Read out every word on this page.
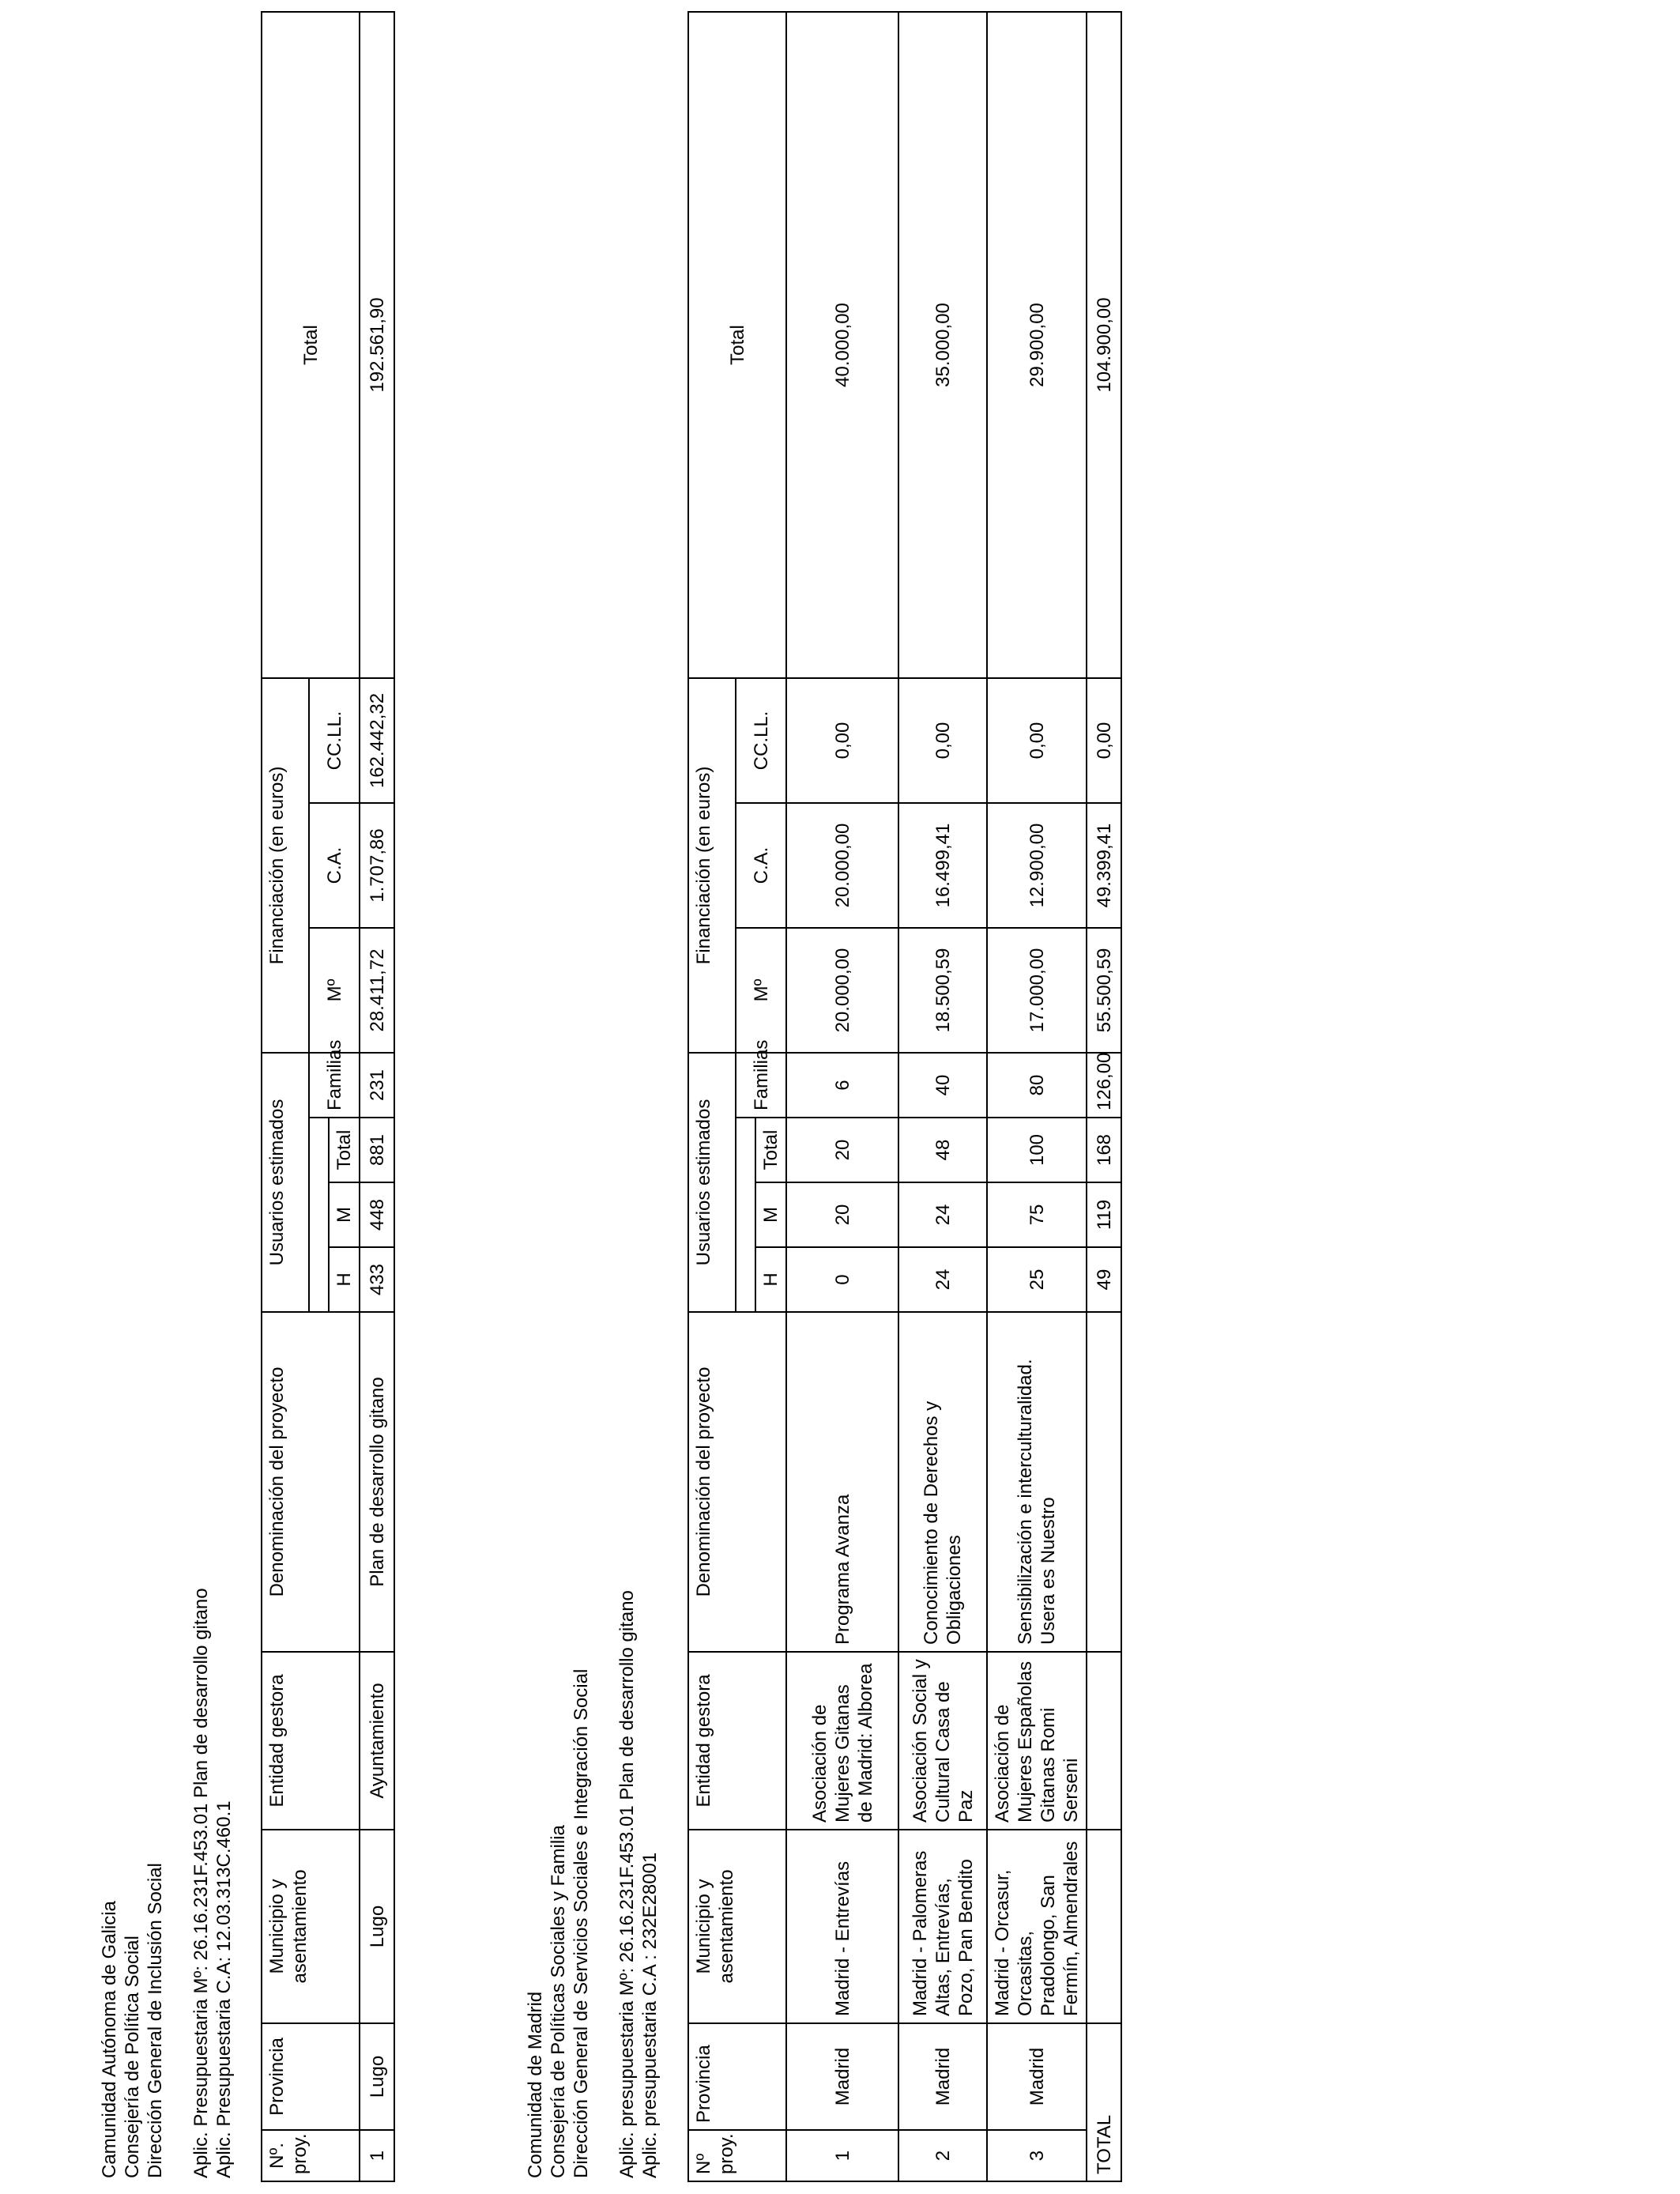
Camunidad Autónoma de Galicia Consejería de Política Social Dirección General de Inclusión Social Aplic. Presupuestaria Mº: 26.16.231F.453.01 Plan de desarrollo gitano Aplic. Presupuestaria C.A: 12.03.313C.460.1 Nº. proy.	Provincia	Municipio y asentamiento	Entidad gestora	Denominación del proyecto	Usuarios estimados				Financiación (en euros)			Total
								Familias	Mº	C.A.	CC.LL.	
					H	M	Total					
1	Lugo	Lugo	Ayuntamiento	Plan de desarrollo gitano	433	448	881	231	28.411,72	1.707,86	162.442,32	192.561,90
Comunidad de Madrid Consejería de Políticas Sociales y Familia Dirección General de Servicios Sociales e Integración Social Aplic. presupuestaria Mº: 26.16.231F.453.01 Plan de desarrollo gitano Aplic. presupuestaria C.A : 232E28001 Nº proy.	Provincia	Municipio y asentamiento	Entidad gestora	Denominación del proyecto	Usuarios estimados				Financiación (en euros)			Total
								Familias	Mº	C.A.	CC.LL.	
					H	M	Total					
1	Madrid	Madrid - Entrevías	Asociación de Mujeres Gitanas de Madrid: Alborea	Programa Avanza	0	20	20	6	20.000,00	20.000,00	0,00	40.000,00
2	Madrid	Madrid - Palomeras Altas, Entrevías, Pozo, Pan Bendito	Asociación Social y Cultural Casa de Paz	Conocimiento de Derechos y Obligaciones	24	24	48	40	18.500,59	16.499,41	0,00	35.000,00
3	Madrid	Madrid - Orcasur, Orcasitas, Pradolongo, San Fermín, Almendrales	Asociación de Mujeres Españolas Gitanas Romi Serseni	Sensibilización e interculturalidad. Usera es Nuestro	25	75	100	80	17.000,00	12.900,00	0,00	29.900,00
TOTAL					49	119	168	126,00	55.500,59	49.399,41	0,00	104.900,00
